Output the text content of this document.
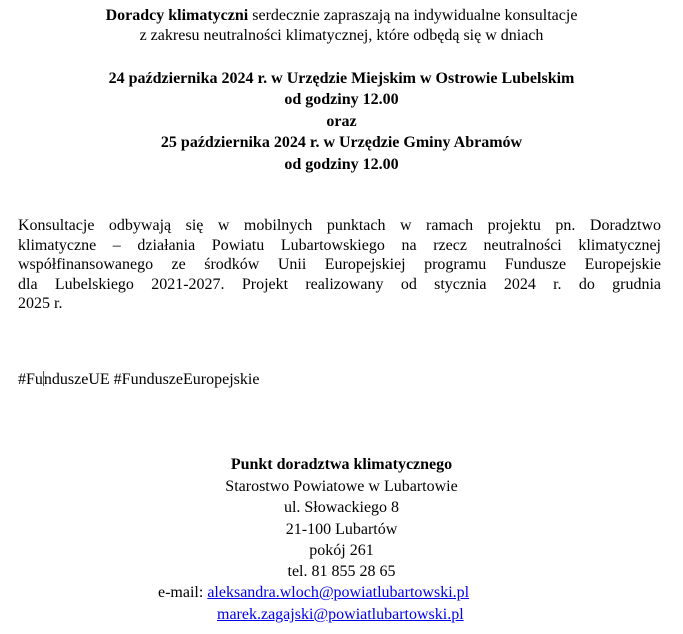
Doradcy klimatyczni serdecznie zapraszają na indywidualne konsultacje
z zakresu neutralności klimatycznej, które odbędą się w dniach
24 października 2024 r. w Urzędzie Miejskim w Ostrowie Lubelskim
od godziny 12.00
oraz
25 października 2024 r. w Urzędzie Gminy Abramów
od godziny 12.00
Konsultacje odbywają się w mobilnych punktach w ramach projektu pn. Doradztwo
klimatyczne – działania Powiatu Lubartowskiego na rzecz neutralności klimatycznej
współfinansowanego ze środków Unii Europejskiej programu Fundusze Europejskie
dla Lubelskiego 2021-2027. Projekt realizowany od stycznia 2024 r. do grudnia
2025 r.
#FunduszeUE #FunduszeEuropejskie
Punkt doradztwa klimatycznego
Starostwo Powiatowe w Lubartowie
ul. Słowackiego 8
21-100 Lubartów
pokój 261
tel. 81 855 28 65
e-mail: aleksandra.wloch@powiatlubartowski.pl
marek.zagajski@powiatlubartowski.pl
